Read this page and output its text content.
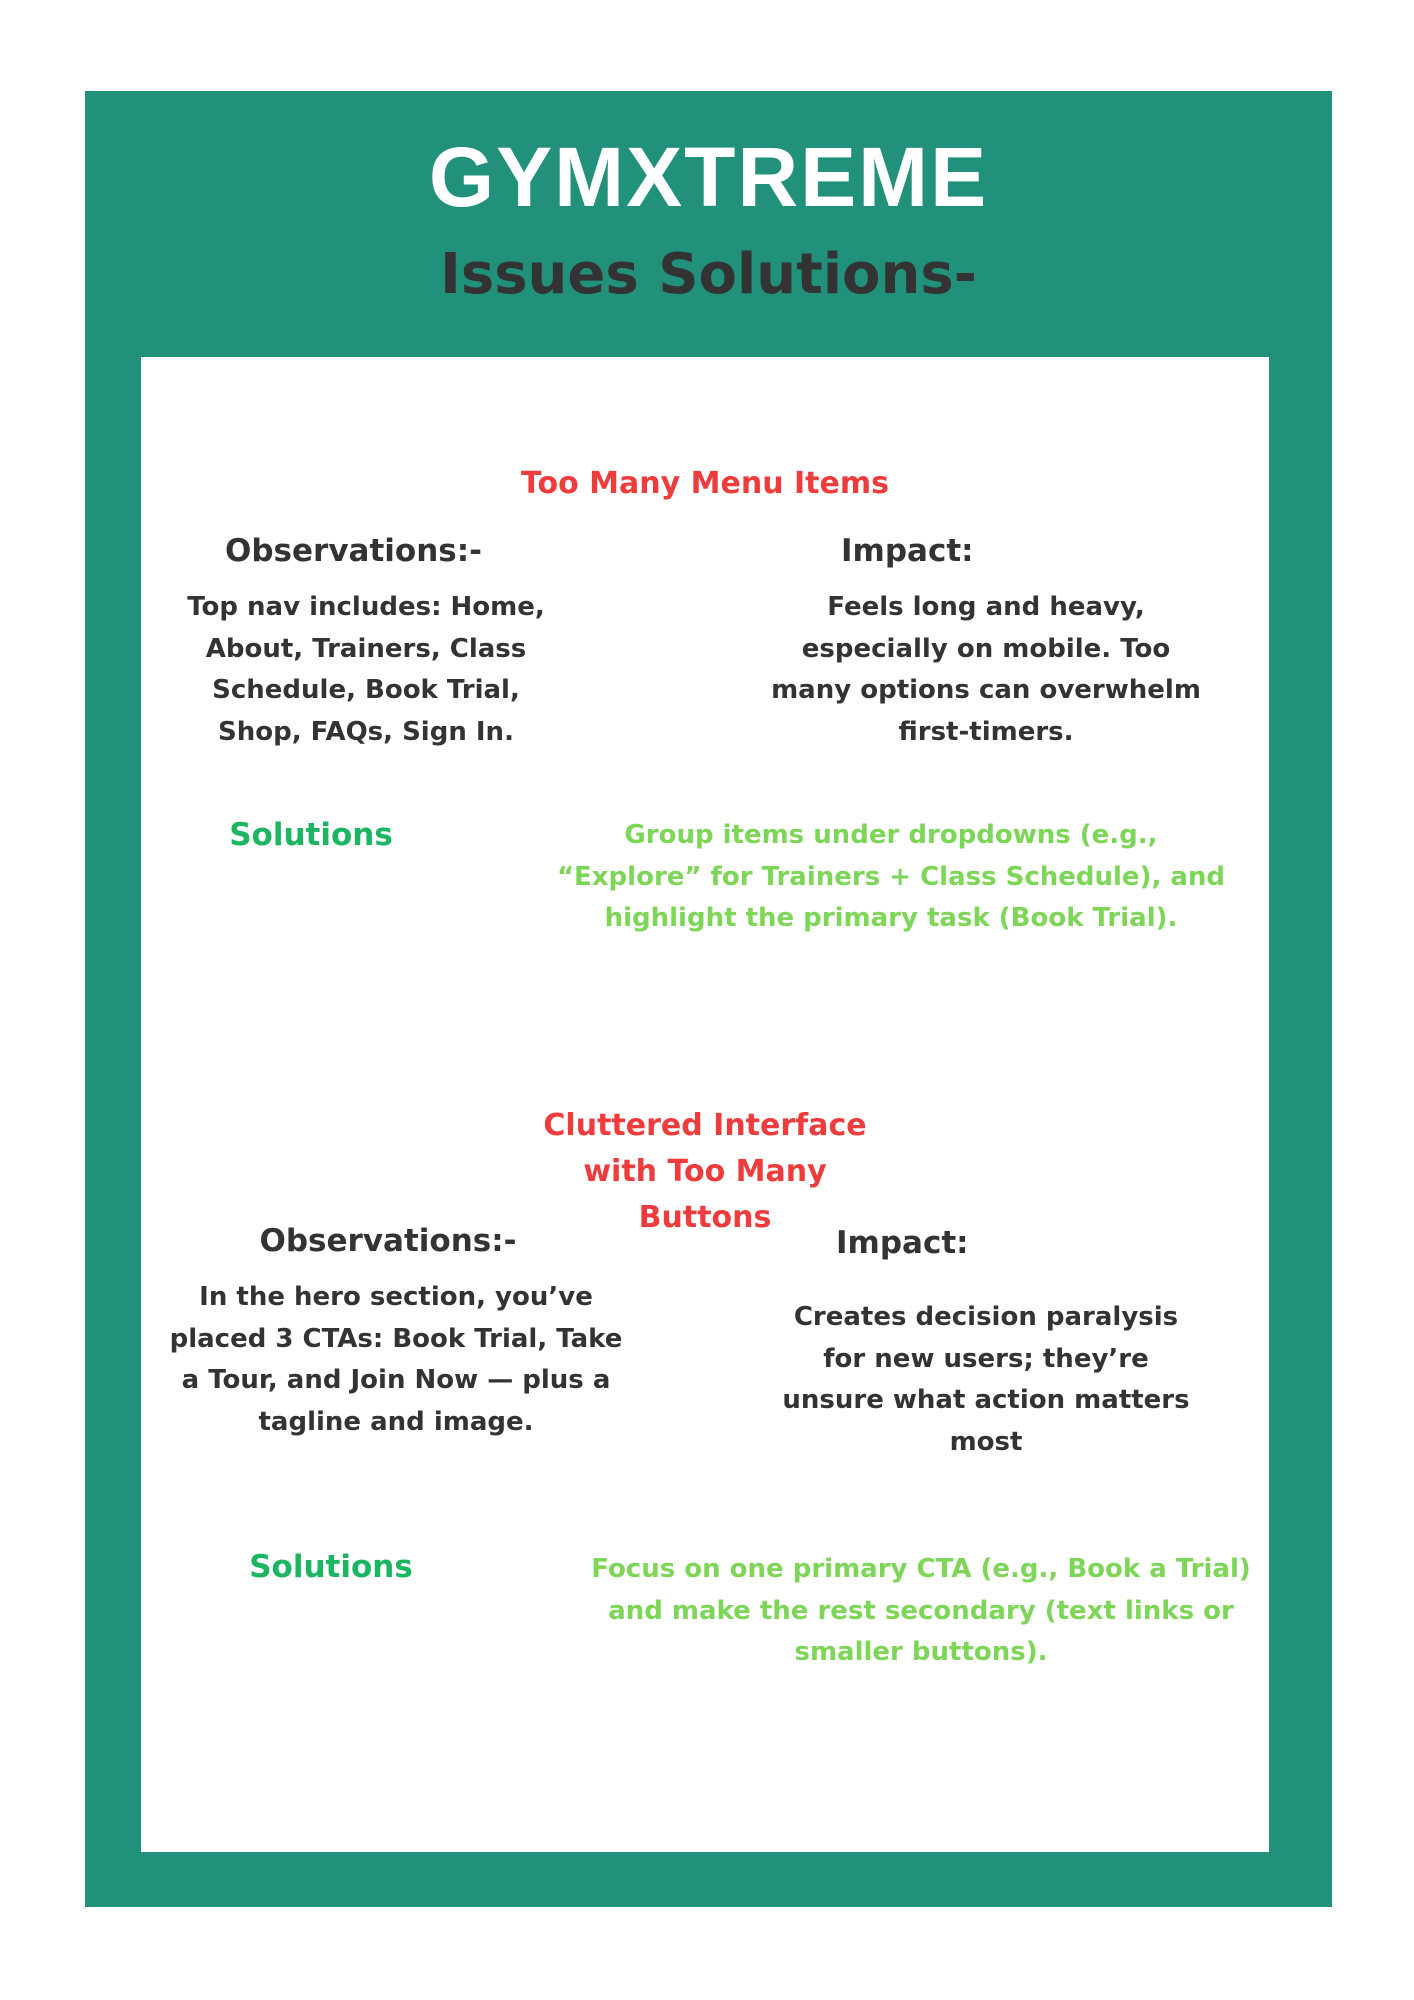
GYMXTREME
Issues Solutions-

Too Many Menu Items

Observations:-

Top nav includes: Home, About, Trainers, Class Schedule, Book Trial, Shop, FAQs, Sign In.

Impact:

Feels long and heavy, especially on mobile. Too many options can overwhelm first-timers.

Solutions	Group items under dropdowns (e.g., “Explore” for Trainers + Class Schedule), and highlight the primary task (Book Trial).

Cluttered Interface with Too Many Buttons

Observations:-

In the hero section, you’ve placed 3 CTAs: Book Trial, Take a Tour, and Join Now — plus a tagline and image.

Impact:

Creates decision paralysis for new users; they’re unsure what action matters most

Solutions	Focus on one primary CTA (e.g., Book a Trial) and make the rest secondary (text links or smaller buttons).
